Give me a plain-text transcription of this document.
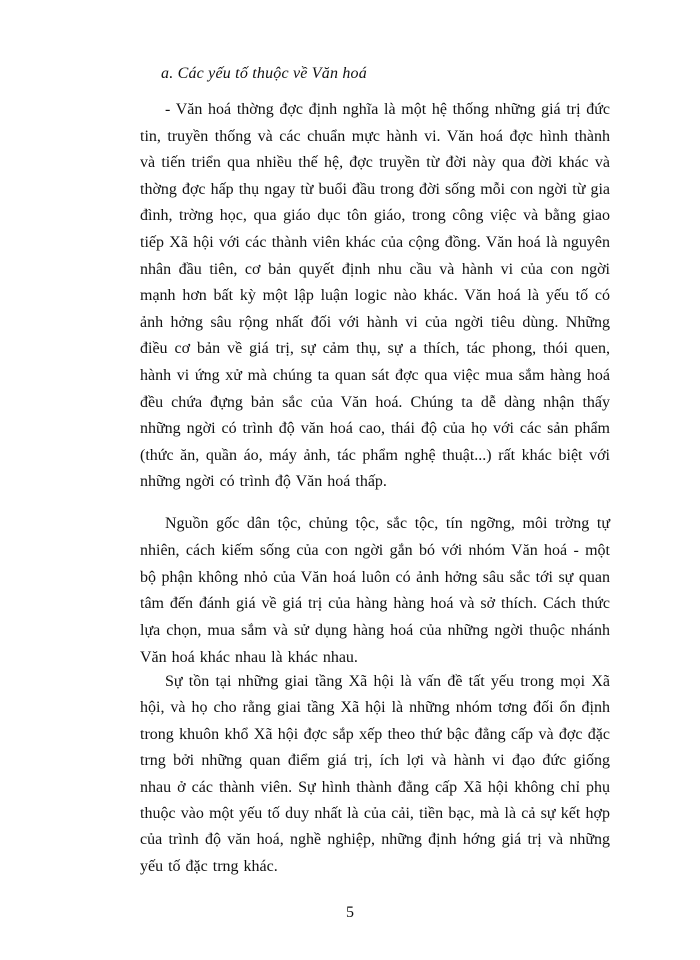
a. Các yếu tố thuộc về Văn hoá

- Văn hoá thờng đợc định nghĩa là một hệ thống những giá trị đức tin, truyền thống và các chuẩn mực hành vi. Văn hoá đợc hình thành và tiến triển qua nhiều thế hệ, đợc truyền từ đời này qua đời khác và thờng đợc hấp thụ ngay từ buổi đầu trong đời sống mỗi con ngời từ gia đình, trờng học, qua giáo dục tôn giáo, trong công việc và bằng giao tiếp Xã hội với các thành viên khác của cộng đồng. Văn hoá là nguyên nhân đầu tiên, cơ bản quyết định nhu cầu và hành vi của con ngời mạnh hơn bất kỳ một lập luận logic nào khác. Văn hoá là yếu tố có ảnh hởng sâu rộng nhất đối với hành vi của ngời tiêu dùng. Những điều cơ bản về giá trị, sự cảm thụ, sự a thích, tác phong, thói quen, hành vi ứng xử mà chúng ta quan sát đợc qua việc mua sắm hàng hoá đều chứa đựng bản sắc của Văn hoá. Chúng ta dễ dàng nhận thấy những ngời có trình độ văn hoá cao, thái độ của họ với các sản phẩm (thức ăn, quần áo, máy ảnh, tác phẩm nghệ thuật...) rất khác biệt với những ngời có trình độ Văn hoá thấp.

Nguồn gốc dân tộc, chủng tộc, sắc tộc, tín ngỡng, môi trờng tự nhiên, cách kiếm sống của con ngời gắn bó với nhóm Văn hoá - một bộ phận không nhỏ của Văn hoá luôn có ảnh hởng sâu sắc tới sự quan tâm đến đánh giá về giá trị của hàng hàng hoá và sở thích. Cách thức lựa chọn, mua sắm và sử dụng hàng hoá của những ngời thuộc nhánh Văn hoá khác nhau là khác nhau.

Sự tồn tại những giai tầng Xã hội là vấn đề tất yếu trong mọi Xã hội, và họ cho rằng giai tầng Xã hội là những nhóm tơng đối ổn định trong khuôn khổ Xã hội đợc sắp xếp theo thứ bậc đẳng cấp và đợc đặc trng bởi những quan điểm giá trị, ích lợi và hành vi đạo đức giống nhau ở các thành viên. Sự hình thành đẳng cấp Xã hội không chỉ phụ thuộc vào một yếu tố duy nhất là của cải, tiền bạc, mà là cả sự kết hợp của trình độ văn hoá, nghề nghiệp, những định hớng giá trị và những yếu tố đặc trng khác.

5
